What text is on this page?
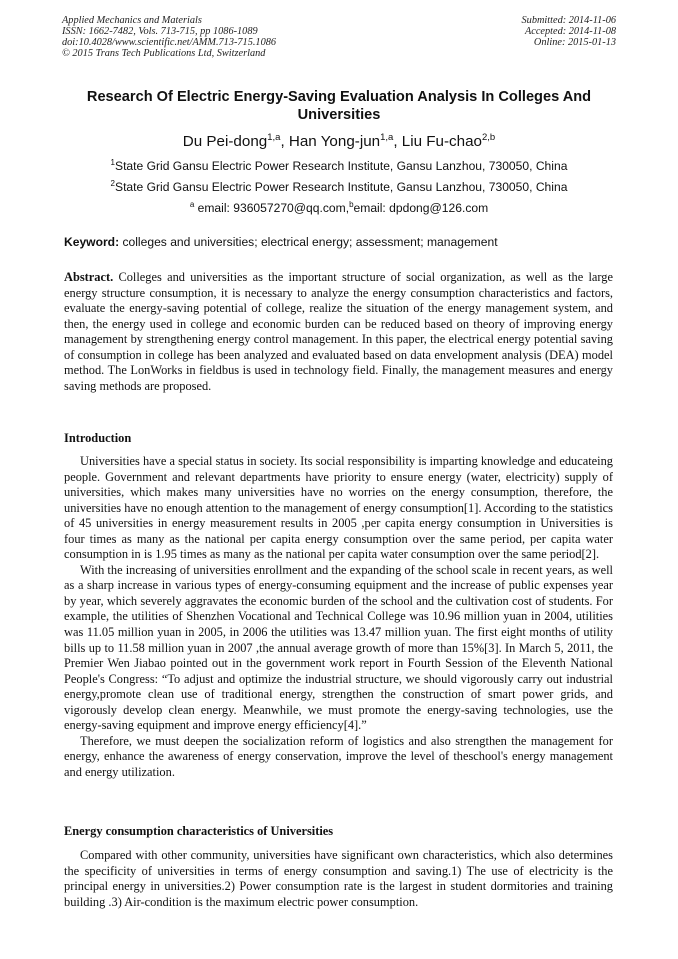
Applied Mechanics and Materials
ISSN: 1662-7482, Vols. 713-715, pp 1086-1089
doi:10.4028/www.scientific.net/AMM.713-715.1086
© 2015 Trans Tech Publications Ltd, Switzerland
Submitted: 2014-11-06
Accepted: 2014-11-08
Online: 2015-01-13
Research Of Electric Energy-Saving Evaluation Analysis In Colleges And
Universities
Du Pei-dong$^{1,a}$, Han Yong-jun$^{1,a}$, Liu Fu-chao$^{2,b}$
$^1$State Grid Gansu Electric Power Research Institute, Gansu Lanzhou, 730050, China
$^2$State Grid Gansu Electric Power Research Institute, Gansu Lanzhou, 730050, China
$^a$ email: 936057270@qq.com,$^b$email: dpdong@126.com
Keyword: colleges and universities; electrical energy; assessment; management
Abstract. Colleges and universities as the important structure of social organization, as well as the large energy structure consumption, it is necessary to analyze the energy consumption characteristics and factors, evaluate the energy-saving potential of college, realize the situation of the energy management system, and then, the energy used in college and economic burden can be reduced based on theory of improving energy management by strengthening energy control management. In this paper, the electrical energy potential saving of consumption in college has been analyzed and evaluated based on data envelopment analysis (DEA) model method. The LonWorks in fieldbus is used in technology field. Finally, the management measures and energy saving methods are proposed.
Introduction

Universities have a special status in society. Its social responsibility is imparting knowledge and educateing people. Government and relevant departments have priority to ensure energy (water, electricity) supply of universities, which makes many universities have no worries on the energy consumption, therefore, the universities have no enough attention to the management of energy consumption[1]. According to the statistics of 45 universities in energy measurement results in 2005 ,per capita energy consumption in Universities is four times as many as the national per capita energy consumption over the same period, per capita water consumption in is 1.95 times as many as the national per capita water consumption over the same period[2].

With the increasing of universities enrollment and the expanding of the school scale in recent years, as well as a sharp increase in various types of energy-consuming equipment and the increase of public expenses year by year, which severely aggravates the economic burden of the school and the cultivation cost of students. For example, the utilities of Shenzhen Vocational and Technical College was 10.96 million yuan in 2004, utilities was 11.05 million yuan in 2005, in 2006 the utilities was 13.47 million yuan. The first eight months of utility bills up to 11.58 million yuan in 2007 ,the annual average growth of more than 15%[3]. In March 5, 2011, the Premier Wen Jiabao pointed out in the government work report in Fourth Session of the Eleventh National People's Congress: “To adjust and optimize the industrial structure, we should vigorously carry out industrial energy,promote clean use of traditional energy, strengthen the construction of smart power grids, and vigorously develop clean energy. Meanwhile, we must promote the energy-saving technologies, use the energy-saving equipment and improve energy efficiency[4].”

Therefore, we must deepen the socialization reform of logistics and also strengthen the management for energy, enhance the awareness of energy conservation, improve the level of theschool's energy management and energy utilization.

Energy consumption characteristics of Universities

Compared with other community, universities have significant own characteristics, which also determines the specificity of universities in terms of energy consumption and saving.1) The use of electricity is the principal energy in universities.2) Power consumption rate is the largest in student dormitories and training building .3) Air-condition is the maximum electric power consumption.
